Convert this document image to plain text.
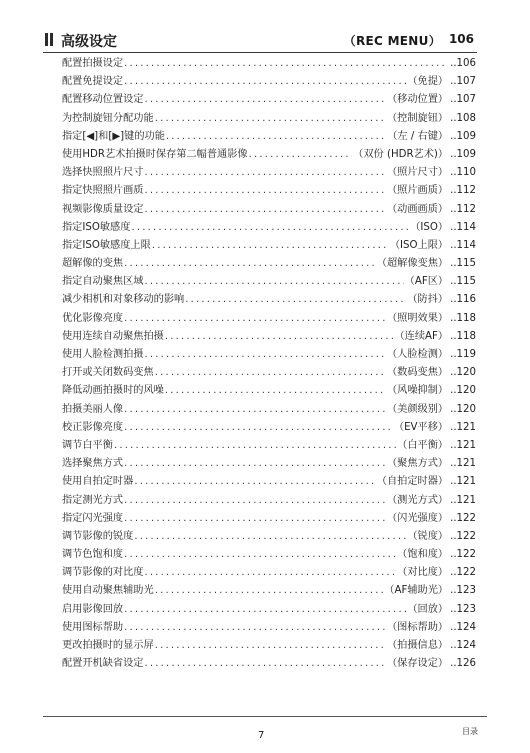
高级设定	（REC MENU） 106
配置拍摄设定 .....	..106
配置免提设定 .....	（免提） ..107
配置移动位置设定 .....	（移动位置） ..107
为控制旋钮分配功能 .....	（控制旋钮） ..108
指定[◀]和[▶]键的功能 .....	（左 / 右键） ..109
使用HDR艺术拍摄时保存第二幅普通影像 .....	（双份 (HDR艺术)） ..109
选择快照照片尺寸 .....	（照片尺寸） ..110
指定快照照片画质 .....	（照片画质） ..112
视频影像质量设定 .....	（动画画质） ..112
指定ISO敏感度 .....	（ISO） ..114
指定ISO敏感度上限 .....	（ISO上限） ..114
超解像的变焦 .....	（超解像变焦） ..115
指定自动聚焦区域 .....	（AF区） ..115
减少相机和对象移动的影响 .....	（防抖） ..116
优化影像亮度 .....	（照明效果） ..118
使用连续自动聚焦拍摄 .....	（连续AF） ..118
使用人脸检测拍摄 .....	（人脸检测） ..119
打开或关闭数码变焦 .....	（数码变焦） ..120
降低动画拍摄时的风噪 .....	（风噪抑制） ..120
拍摄美丽人像 .....	（美颜级别） ..120
校正影像亮度 .....	（EV平移） ..121
调节白平衡 .....	（白平衡） ..121
选择聚焦方式 .....	（聚焦方式） ..121
使用自拍定时器 .....	（自拍定时器） ..121
指定测光方式 .....	（测光方式） ..121
指定闪光强度 .....	（闪光强度） ..122
调节影像的锐度 .....	（锐度） ..122
调节色饱和度 .....	（饱和度） ..122
调节影像的对比度 .....	（对比度） ..122
使用自动聚焦辅助光 .....	（AF辅助光） ..123
启用影像回放 .....	（回放） ..123
使用图标帮助 .....	（图标帮助） ..124
更改拍摄时的显示屏 .....	（拍摄信息） ..124
配置开机缺省设定 .....	（保存设定） ..126
7	目录
